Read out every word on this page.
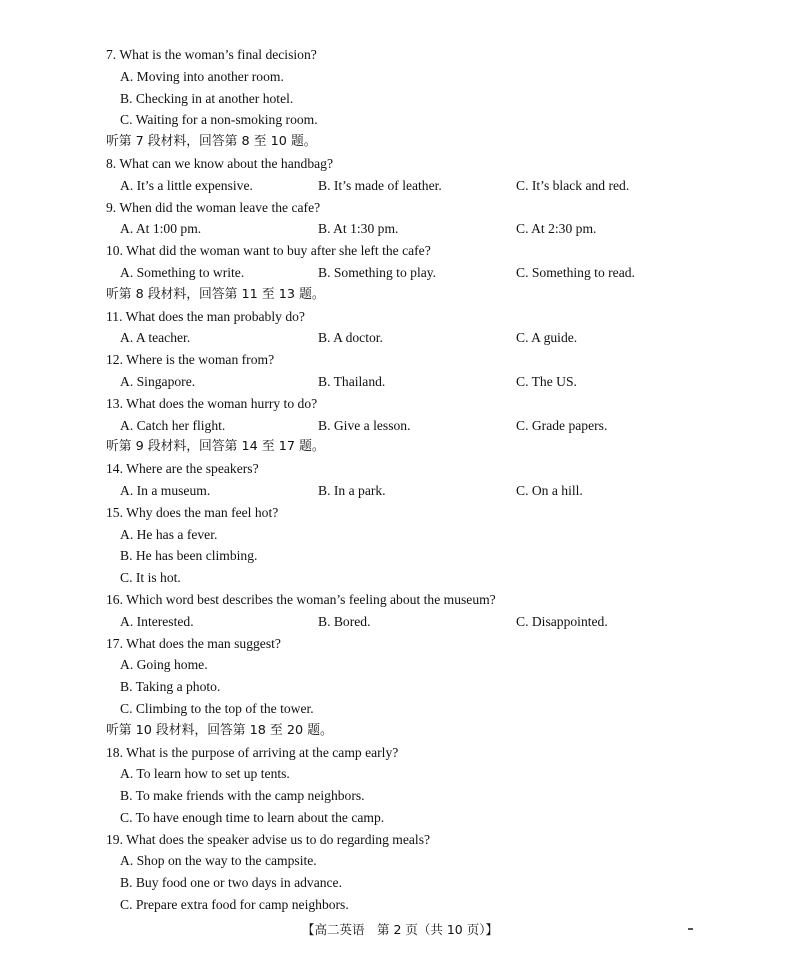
7. What is the woman’s final decision?
A. Moving into another room.
B. Checking in at another hotel.
C. Waiting for a non-smoking room.
听第 7 段材料，回答第 8 至 10 题。
8. What can we know about the handbag?
A. It’s a little expensive.	B. It’s made of leather.	C. It’s black and red.
9. When did the woman leave the cafe?
A. At 1:00 pm.	B. At 1:30 pm.	C. At 2:30 pm.
10. What did the woman want to buy after she left the cafe?
A. Something to write.	B. Something to play.	C. Something to read.
听第 8 段材料，回答第 11 至 13 题。
11. What does the man probably do?
A. A teacher.	B. A doctor.	C. A guide.
12. Where is the woman from?
A. Singapore.	B. Thailand.	C. The US.
13. What does the woman hurry to do?
A. Catch her flight.	B. Give a lesson.	C. Grade papers.
听第 9 段材料，回答第 14 至 17 题。
14. Where are the speakers?
A. In a museum.	B. In a park.	C. On a hill.
15. Why does the man feel hot?
A. He has a fever.
B. He has been climbing.
C. It is hot.
16. Which word best describes the woman’s feeling about the museum?
A. Interested.	B. Bored.	C. Disappointed.
17. What does the man suggest?
A. Going home.
B. Taking a photo.
C. Climbing to the top of the tower.
听第 10 段材料，回答第 18 至 20 题。
18. What is the purpose of arriving at the camp early?
A. To learn how to set up tents.
B. To make friends with the camp neighbors.
C. To have enough time to learn about the camp.
19. What does the speaker advise us to do regarding meals?
A. Shop on the way to the campsite.
B. Buy food one or two days in advance.
C. Prepare extra food for camp neighbors.
【高二英语　第 2 页（共 10 页）】
